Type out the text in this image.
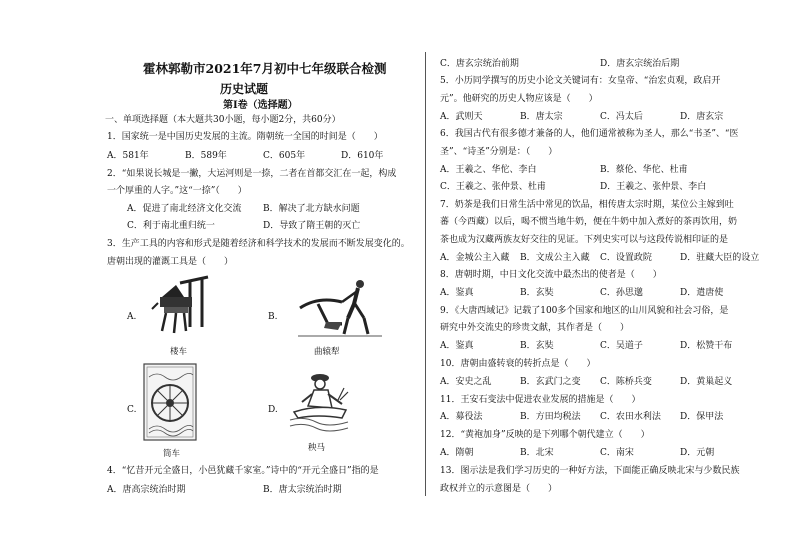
霍林郭勒市2021年7月初中七年级联合检测
历史试题
第Ⅰ卷（选择题）
一、单项选择题（本大题共30小题，每小题2分，共60分）
1．国家统一是中国历史发展的主流。隋朝统一全国的时间是（　　）
A．581年	B．589年	C．605年	D．610年
2．“如果说长城是一撇，大运河则是一捺，二者在首都交汇在一起，构成
一个厚重的人字。”这“一捺”（　　）
A．促进了南北经济文化交流 B．解决了北方缺水问题
C．利于南北重归统一	D．导致了隋王朝的灭亡
3．生产工具的内容和形式是随着经济和科学技术的发展而不断发展变化的。
唐朝出现的灌溉工具是（　　）
A.
楼车
B.
曲辕犁
C.
筒车
D.
秧马
4．“忆昔开元全盛日，小邑犹藏千家室。”诗中的“开元全盛日”指的是
A．唐高宗统治时期	B．唐太宗统治时期
C．唐玄宗统治前期	D．唐玄宗统治后期
5．小历同学撰写的历史小论文关键词有：女皇帝、“治宏贞观，政启开
元”。他研究的历史人物应该是（　　）
A．武则天	B．唐太宗	C．冯太后	D．唐玄宗
6．我国古代有很多德才兼备的人，他们通常被称为圣人，那么“书圣”、“医
圣”、“诗圣”分别是：（　　）
A．王羲之、华佗、李白	B．蔡伦、华佗、杜甫
C．王羲之、张仲景、杜甫	D．王羲之、张仲景、李白
7．奶茶是我们日常生活中常见的饮品，相传唐太宗时期，某位公主嫁到吐
蕃（今西藏）以后，喝不惯当地牛奶，便在牛奶中加入煮好的茶再饮用，奶
茶也成为汉藏两族友好交往的见证。下列史实可以与这段传说相印证的是
A．金城公主入藏 B．文成公主入藏 C．设置政院	D．驻藏大臣的设立
8．唐朝时期，中日文化交流中最杰出的使者是（　　）
A．鉴真	B．玄奘	C．孙思邈	D．遣唐使
9．《大唐西域记》记载了100多个国家和地区的山川风貌和社会习俗，是
研究中外交流史的珍贵文献，其作者是（　　）
A．鉴真	B．玄奘	C．吴道子	D．松赞干布
10．唐朝由盛转衰的转折点是（　　）
A．安史之乱	B．玄武门之变 C．陈桥兵变	D．黄巢起义
11．王安石变法中促进农业发展的措施是（　　）
A．募役法	B．方田均税法 C．农田水利法 D．保甲法
12．“黄袍加身”反映的是下列哪个朝代建立（　　）
A．隋朝	B．北宋	C．南宋	D．元朝
13．图示法是我们学习历史的一种好方法，下面能正确反映北宋与少数民族
政权并立的示意图是（　　）
